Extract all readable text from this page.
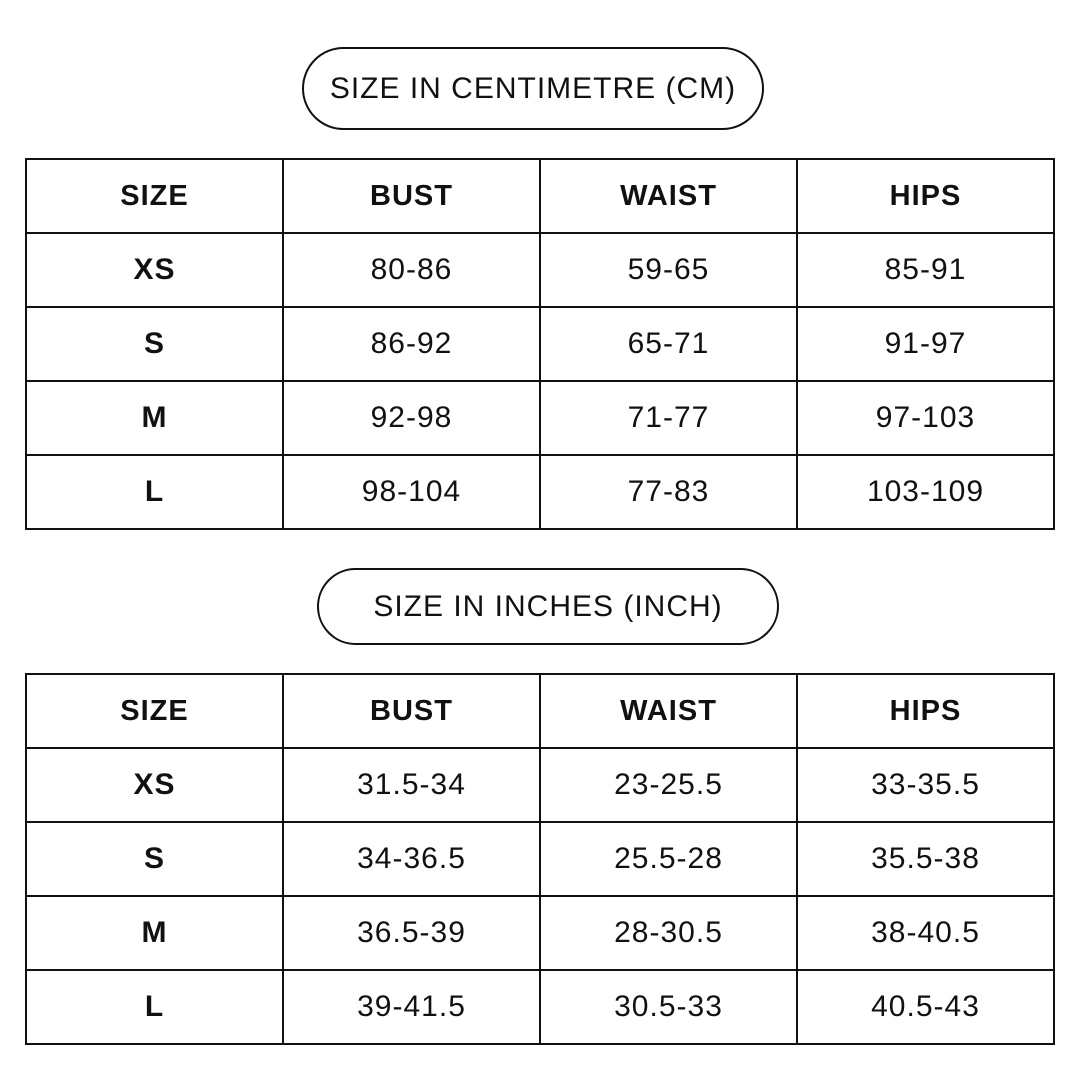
SIZE IN CENTIMETRE (CM)
SIZE	BUST	WAIST	HIPS
XS	80-86	59-65	85-91
S	86-92	65-71	91-97
M	92-98	71-77	97-103
L	98-104	77-83	103-109
SIZE IN INCHES (INCH)
SIZE	BUST	WAIST	HIPS
XS	31.5-34	23-25.5	33-35.5
S	34-36.5	25.5-28	35.5-38
M	36.5-39	28-30.5	38-40.5
L	39-41.5	30.5-33	40.5-43
